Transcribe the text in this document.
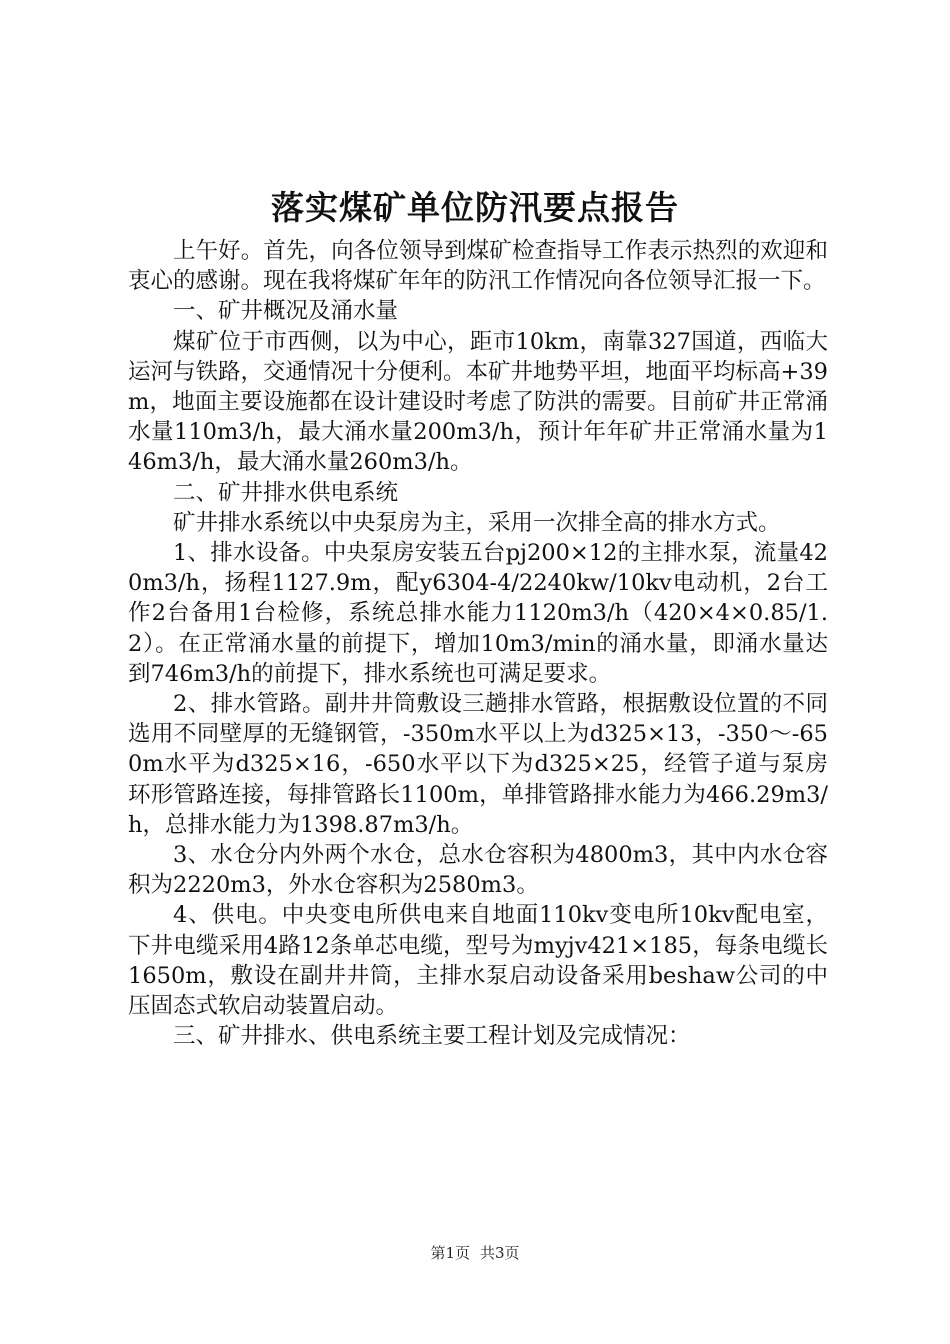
落实煤矿单位防汛要点报告

上午好。首先，向各位领导到煤矿检查指导工作表示热烈的欢迎和衷心的感谢。现在我将煤矿年年的防汛工作情况向各位领导汇报一下。

一、矿井概况及涌水量

煤矿位于市西侧，以为中心，距市10km，南靠327国道，西临大运河与铁路，交通情况十分便利。本矿井地势平坦，地面平均标高+39m，地面主要设施都在设计建设时考虑了防洪的需要。目前矿井正常涌水量110m3/h，最大涌水量200m3/h，预计年年矿井正常涌水量为146m3/h，最大涌水量260m3/h。

二、矿井排水供电系统

矿井排水系统以中央泵房为主，采用一次排全高的排水方式。

1、排水设备。中央泵房安装五台pj200×12的主排水泵，流量420m3/h，扬程1127.9m，配y6304-4/2240kw/10kv电动机，2台工作2台备用1台检修，系统总排水能力1120m3/h（420×4×0.85/1.2）。在正常涌水量的前提下，增加10m3/min的涌水量，即涌水量达到746m3/h的前提下，排水系统也可满足要求。

2、排水管路。副井井筒敷设三趟排水管路，根据敷设位置的不同选用不同壁厚的无缝钢管，-350m水平以上为d325×13，-350～-650m水平为d325×16，-650水平以下为d325×25，经管子道与泵房环形管路连接，每排管路长1100m，单排管路排水能力为466.29m3/h，总排水能力为1398.87m3/h。

3、水仓分内外两个水仓，总水仓容积为4800m3，其中内水仓容积为2220m3，外水仓容积为2580m3。

4、供电。中央变电所供电来自地面110kv变电所10kv配电室，下井电缆采用4路12条单芯电缆，型号为myjv421×185，每条电缆长1650m，敷设在副井井筒，主排水泵启动设备采用beshaw公司的中压固态式软启动装置启动。

三、矿井排水、供电系统主要工程计划及完成情况：

第1页 共3页
